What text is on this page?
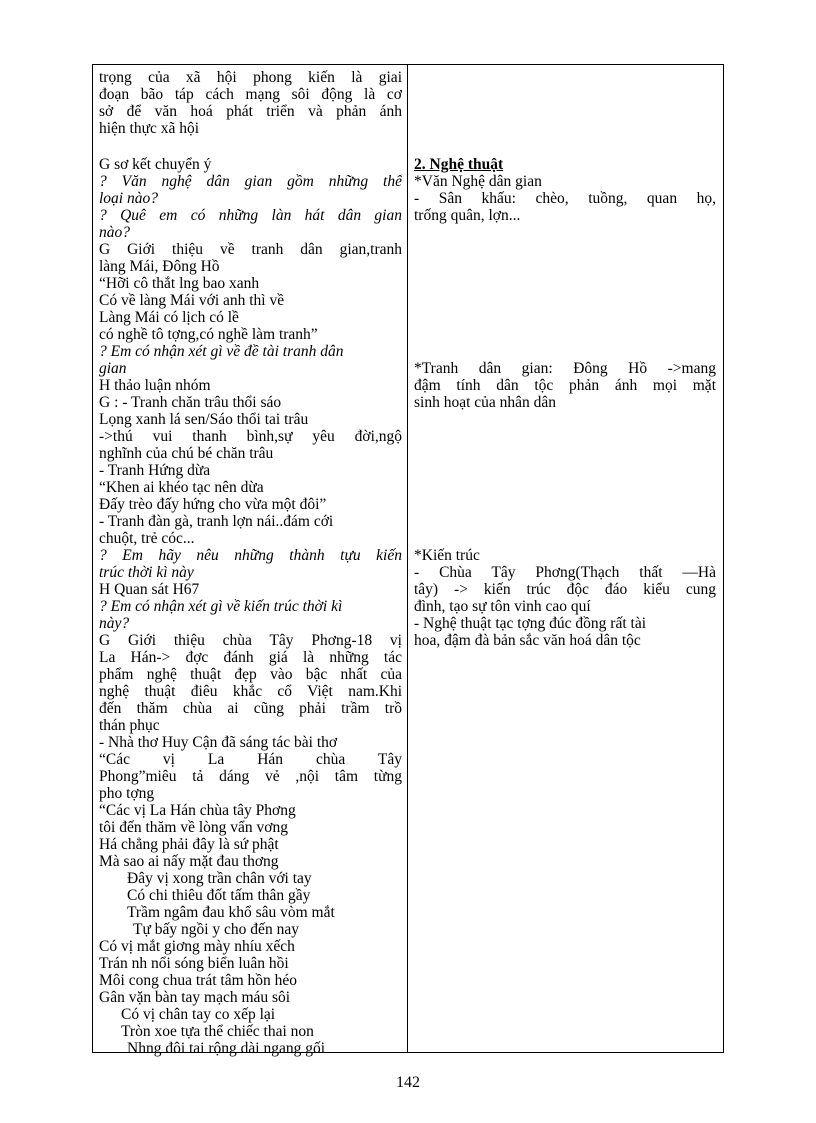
trọng của xã hội phong kiến là giai
đoạn bão táp cách mạng sôi động là cơ
sở để văn hoá phát triển và phản ánh
hiện thực xã hội
G sơ kết chuyển ý
? Văn nghệ dân gian gồm những thể
loại nào?
? Quê em có những làn hát dân gian
nào?
G Giới thiệu về tranh dân gian,tranh
làng Mái, Đông Hồ
“Hỡi cô thắt lng bao xanh
Có về làng Mái với anh thì về
Làng Mái có lịch có lề
có nghề tô tợng,có nghề làm tranh”
? Em có nhận xét gì về đề tài tranh dân
gian
H thảo luận nhóm
G : - Tranh chăn trâu thổi sáo
Lọng xanh lá sen/Sáo thổi tai trâu
->thú vui thanh bình,sự yêu đời,ngộ
nghĩnh của chú bé chăn trâu
- Tranh Hứng dừa
“Khen ai khéo tạc nên dừa
Đấy trèo đấy hứng cho vừa một đôi”
- Tranh đàn gà, tranh lợn nái..đám cới
chuột, trẻ cóc...
? Em hãy nêu những thành tựu kiến
trúc thời kì này
H Quan sát H67
? Em có nhận xét gì về kiến trúc thời kì
này?
G Giới thiệu chùa Tây Phơng-18 vị
La Hán-> đợc đánh giá là những tác
phẩm nghệ thuật đẹp vào bậc nhất của
nghệ thuật điêu khắc cổ Việt nam.Khi
đến thăm chùa ai cũng phải trầm trồ
thán phục
- Nhà thơ Huy Cận đã sáng tác bài thơ
“Các vị La Hán chùa Tây
Phong”miêu tả dáng vẻ ,nội tâm từng
pho tợng
“Các vị La Hán chùa tây Phơng
tôi đến thăm về lòng vẩn vơng
Há chẳng phải đây là sứ phật
Mà sao ai nấy mặt đau thơng
Đây vị xong trần chân với tay
Có chi thiêu đốt tấm thân gầy
Trầm ngâm đau khổ sâu vòm mắt
Tự bấy ngồi y cho đến nay
Có vị mắt giơng mày nhíu xếch
Trán nh nổi sóng biển luân hồi
Môi cong chua trát tâm hồn héo
Gân vặn bàn tay mạch máu sôi
Có vị chân tay co xếp lại
Tròn xoe tựa thể chiếc thai non
Nhng đôi tai rộng dài ngang gối
2. Nghệ thuật
*Văn Nghệ dân gian
- Sân khấu: chèo, tuồng, quan họ,
trống quân, lợn...
*Tranh dân gian: Đông Hồ ->mang
đậm tính dân tộc phản ánh mọi mặt
sinh hoạt của nhân dân
*Kiến trúc
- Chùa Tây Phơng(Thạch thất —Hà
tây) -> kiến trúc độc đáo kiểu cung
đình, tạo sự tôn vinh cao quí
- Nghệ thuật tạc tợng đúc đồng rất tài
hoa, đậm đà bản sắc văn hoá dân tộc
142
